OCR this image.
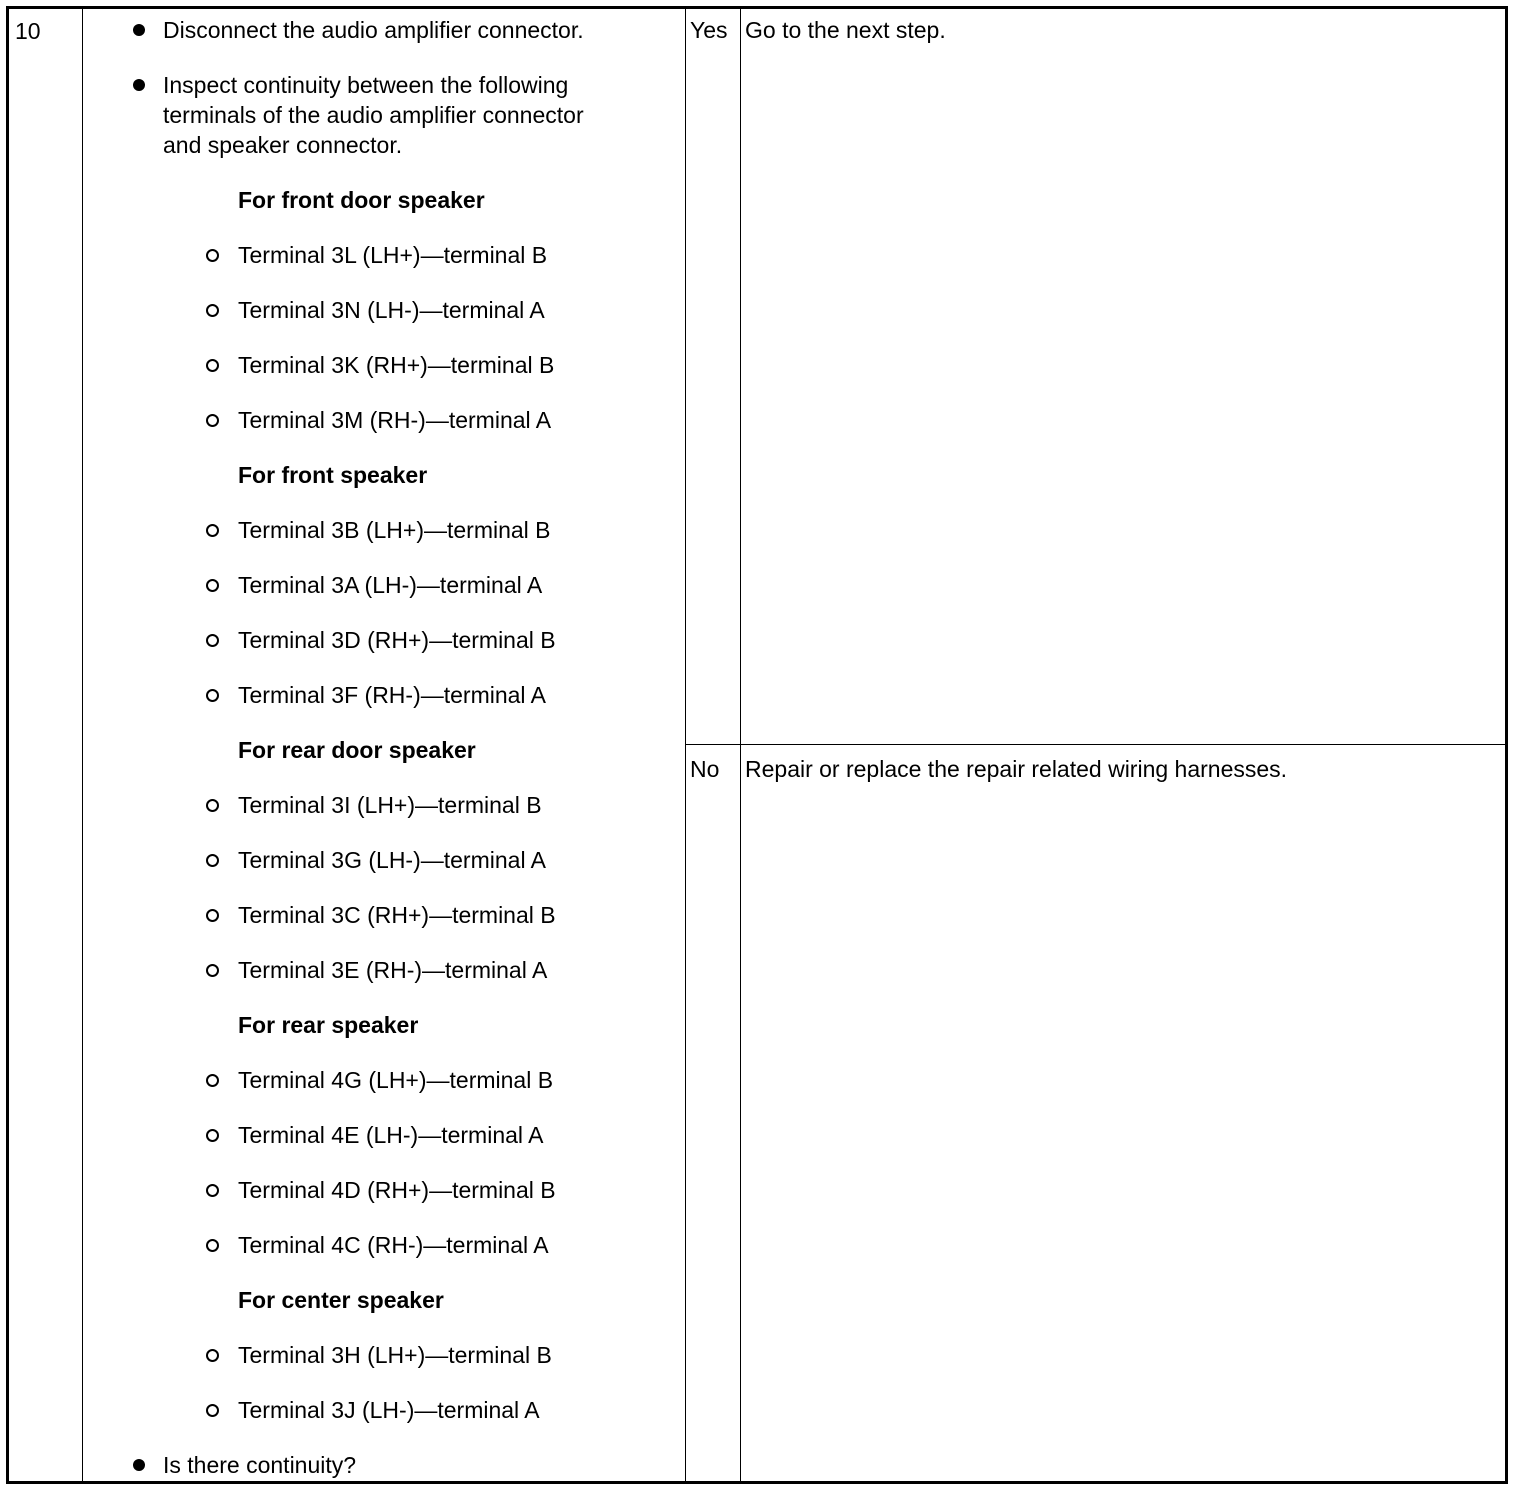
10	Disconnect the audio amplifier connector.
Inspect continuity between the following
terminals of the audio amplifier connector
and speaker connector.
For front door speaker
Terminal 3L (LH+)—terminal B
Terminal 3N (LH-)—terminal A
Terminal 3K (RH+)—terminal B
Terminal 3M (RH-)—terminal A
For front speaker
Terminal 3B (LH+)—terminal B
Terminal 3A (LH-)—terminal A
Terminal 3D (RH+)—terminal B
Terminal 3F (RH-)—terminal A
For rear door speaker
Terminal 3I (LH+)—terminal B
Terminal 3G (LH-)—terminal A
Terminal 3C (RH+)—terminal B
Terminal 3E (RH-)—terminal A
For rear speaker
Terminal 4G (LH+)—terminal B
Terminal 4E (LH-)—terminal A
Terminal 4D (RH+)—terminal B
Terminal 4C (RH-)—terminal A
For center speaker
Terminal 3H (LH+)—terminal B
Terminal 3J (LH-)—terminal A
Is there continuity?
Yes Go to the next step.
No Repair or replace the repair related wiring harnesses.
